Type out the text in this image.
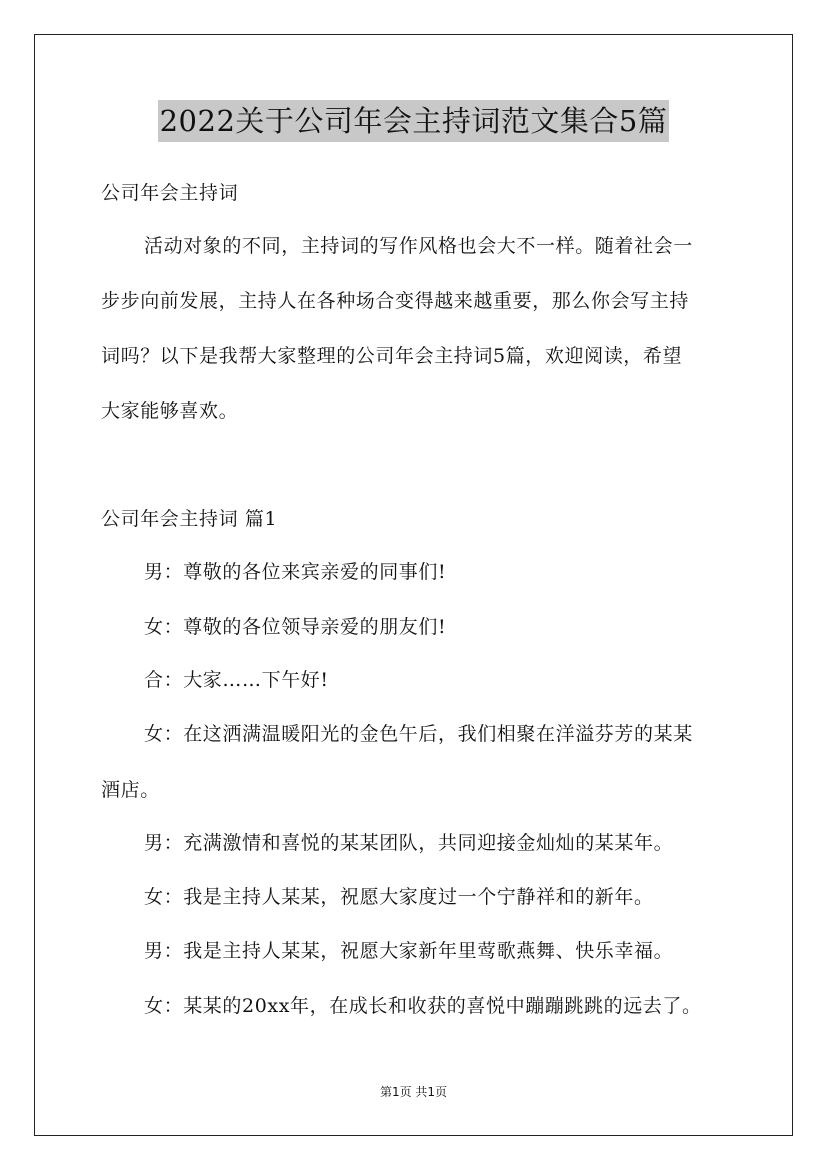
2022关于公司年会主持词范文集合5篇
公司年会主持词
活动对象的不同，主持词的写作风格也会大不一样。随着社会一
步步向前发展，主持人在各种场合变得越来越重要，那么你会写主持
词吗？以下是我帮大家整理的公司年会主持词5篇，欢迎阅读，希望
大家能够喜欢。
公司年会主持词 篇1
男：尊敬的各位来宾亲爱的同事们!
女：尊敬的各位领导亲爱的朋友们!
合：大家……下午好!
女：在这洒满温暖阳光的金色午后，我们相聚在洋溢芬芳的某某
酒店。
男：充满激情和喜悦的某某团队，共同迎接金灿灿的某某年。
女：我是主持人某某，祝愿大家度过一个宁静祥和的新年。
男：我是主持人某某，祝愿大家新年里莺歌燕舞、快乐幸福。
女：某某的20xx年，在成长和收获的喜悦中蹦蹦跳跳的远去了。
第1页 共1页
